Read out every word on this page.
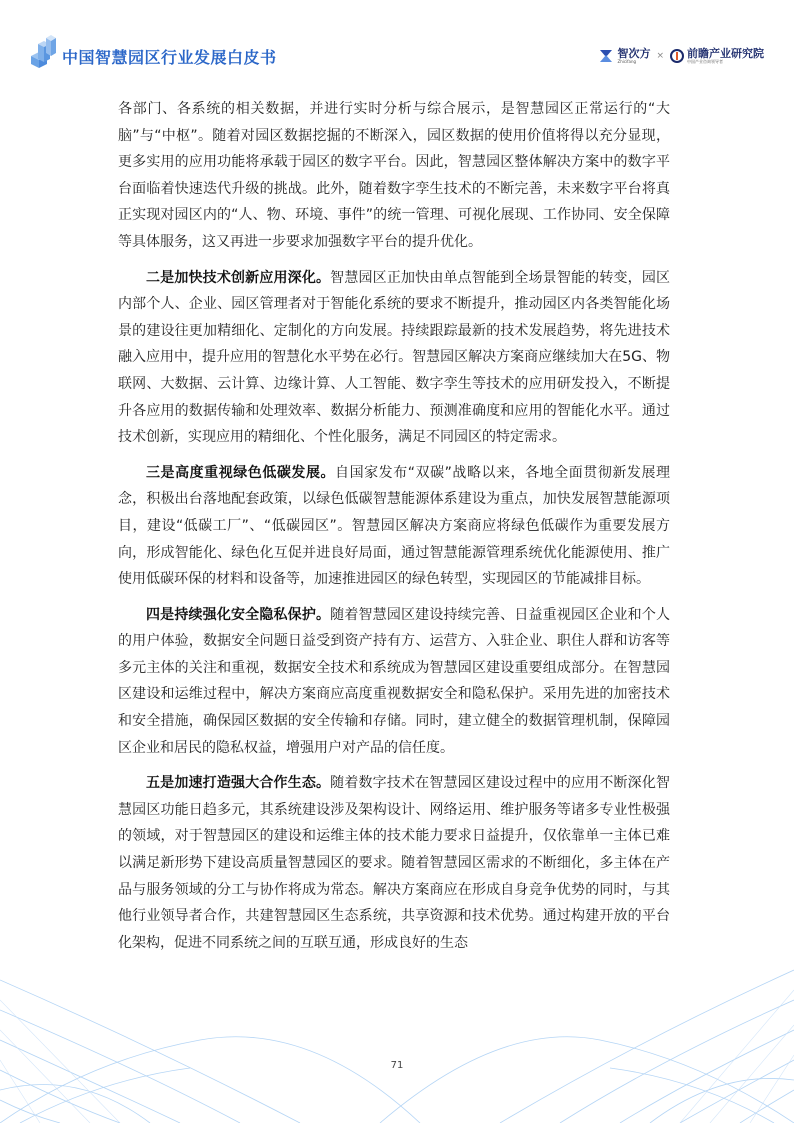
中国智慧园区行业发展白皮书	智次方
Zhicifang
× 前瞻产业研究院
中国产业咨询领导者

各部门、各系统的相关数据，并进行实时分析与综合展示，是智慧园区正常运行的“大脑”与“中枢”。随着对园区数据挖掘的不断深入，园区数据的使用价值将得以充分显现，更多实用的应用功能将承载于园区的数字平台。因此，智慧园区整体解决方案中的数字平台面临着快速迭代升级的挑战。此外，随着数字孪生技术的不断完善，未来数字平台将真正实现对园区内的“人、物、环境、事件”的统一管理、可视化展现、工作协同、安全保障等具体服务，这又再进一步要求加强数字平台的提升优化。

二是加快技术创新应用深化。智慧园区正加快由单点智能到全场景智能的转变，园区内部个人、企业、园区管理者对于智能化系统的要求不断提升，推动园区内各类智能化场景的建设往更加精细化、定制化的方向发展。持续跟踪最新的技术发展趋势，将先进技术融入应用中，提升应用的智慧化水平势在必行。智慧园区解决方案商应继续加大在5G、物联网、大数据、云计算、边缘计算、人工智能、数字孪生等技术的应用研发投入，不断提升各应用的数据传输和处理效率、数据分析能力、预测准确度和应用的智能化水平。通过技术创新，实现应用的精细化、个性化服务，满足不同园区的特定需求。

三是高度重视绿色低碳发展。自国家发布“双碳”战略以来，各地全面贯彻新发展理念，积极出台落地配套政策，以绿色低碳智慧能源体系建设为重点，加快发展智慧能源项目，建设“低碳工厂”、“低碳园区”。智慧园区解决方案商应将绿色低碳作为重要发展方向，形成智能化、绿色化互促并进良好局面，通过智慧能源管理系统优化能源使用、推广使用低碳环保的材料和设备等，加速推进园区的绿色转型，实现园区的节能减排目标。

四是持续强化安全隐私保护。随着智慧园区建设持续完善、日益重视园区企业和个人的用户体验，数据安全问题日益受到资产持有方、运营方、入驻企业、职住人群和访客等多元主体的关注和重视，数据安全技术和系统成为智慧园区建设重要组成部分。在智慧园区建设和运维过程中，解决方案商应高度重视数据安全和隐私保护。采用先进的加密技术和安全措施，确保园区数据的安全传输和存储。同时，建立健全的数据管理机制，保障园区企业和居民的隐私权益，增强用户对产品的信任度。

五是加速打造强大合作生态。随着数字技术在智慧园区建设过程中的应用不断深化智慧园区功能日趋多元，其系统建设涉及架构设计、网络运用、维护服务等诸多专业性极强的领域，对于智慧园区的建设和运维主体的技术能力要求日益提升，仅依靠单一主体已难以满足新形势下建设高质量智慧园区的要求。随着智慧园区需求的不断细化，多主体在产品与服务领域的分工与协作将成为常态。解决方案商应在形成自身竞争优势的同时，与其他行业领导者合作，共建智慧园区生态系统，共享资源和技术优势。通过构建开放的平台化架构，促进不同系统之间的互联互通，形成良好的生态

71
